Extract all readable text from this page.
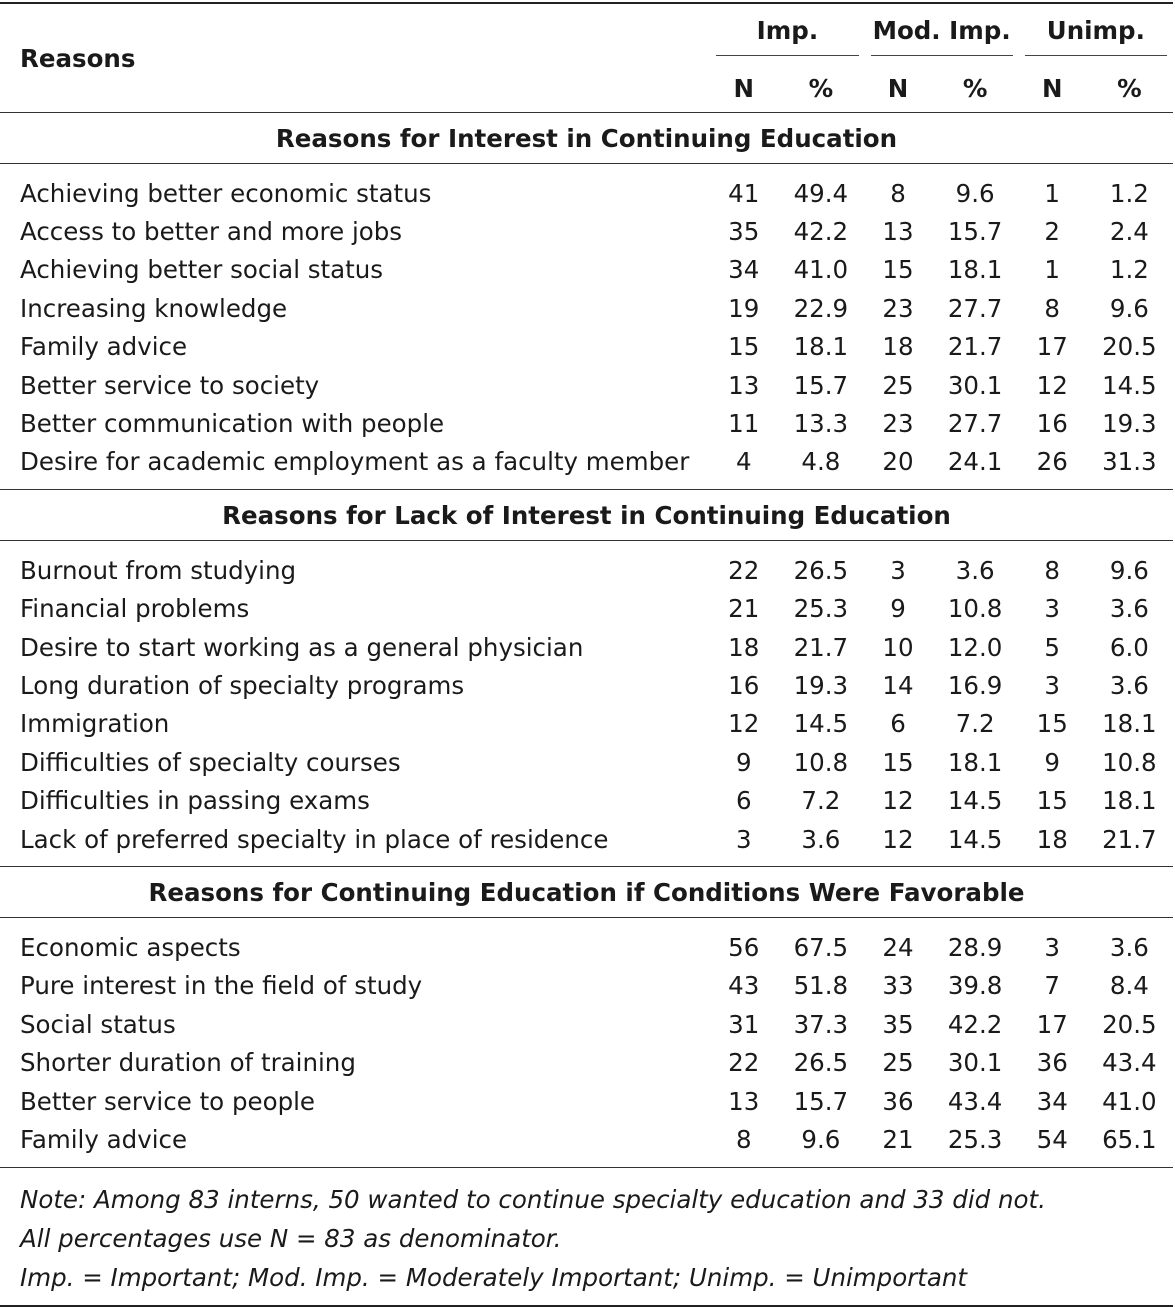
Reasons	Imp.		Mod. Imp.		Unimp.	

	N	%	N	%	N	%
Reasons for Interest in Continuing Education						
Achieving better economic status	41	49.4	8	9.6	1	1.2
Access to better and more jobs	35	42.2	13	15.7	2	2.4
Achieving better social status	34	41.0	15	18.1	1	1.2
Increasing knowledge	19	22.9	23	27.7	8	9.6
Family advice	15	18.1	18	21.7	17	20.5
Better service to society	13	15.7	25	30.1	12	14.5
Better communication with people	11	13.3	23	27.7	16	19.3
Desire for academic employment as a faculty member	4	4.8	20	24.1	26	31.3
Reasons for Lack of Interest in Continuing Education						
Burnout from studying	22	26.5	3	3.6	8	9.6
Financial problems	21	25.3	9	10.8	3	3.6
Desire to start working as a general physician	18	21.7	10	12.0	5	6.0
Long duration of specialty programs	16	19.3	14	16.9	3	3.6
Immigration	12	14.5	6	7.2	15	18.1
Difficulties of specialty courses	9	10.8	15	18.1	9	10.8
Difficulties in passing exams	6	7.2	12	14.5	15	18.1
Lack of preferred specialty in place of residence	3	3.6	12	14.5	18	21.7
Reasons for Continuing Education if Conditions Were Favorable						
Economic aspects	56	67.5	24	28.9	3	3.6
Pure interest in the field of study	43	51.8	33	39.8	7	8.4
Social status	31	37.3	35	42.2	17	20.5
Shorter duration of training	22	26.5	25	30.1	36	43.4
Better service to people	13	15.7	36	43.4	34	41.0
Family advice	8	9.6	21	25.3	54	65.1
Note: Among 83 interns, 50 wanted to continue specialty education and 33 did not.						
All percentages use N = 83 as denominator.						
Imp. = Important; Mod. Imp. = Moderately Important; Unimp. = Unimportant						
